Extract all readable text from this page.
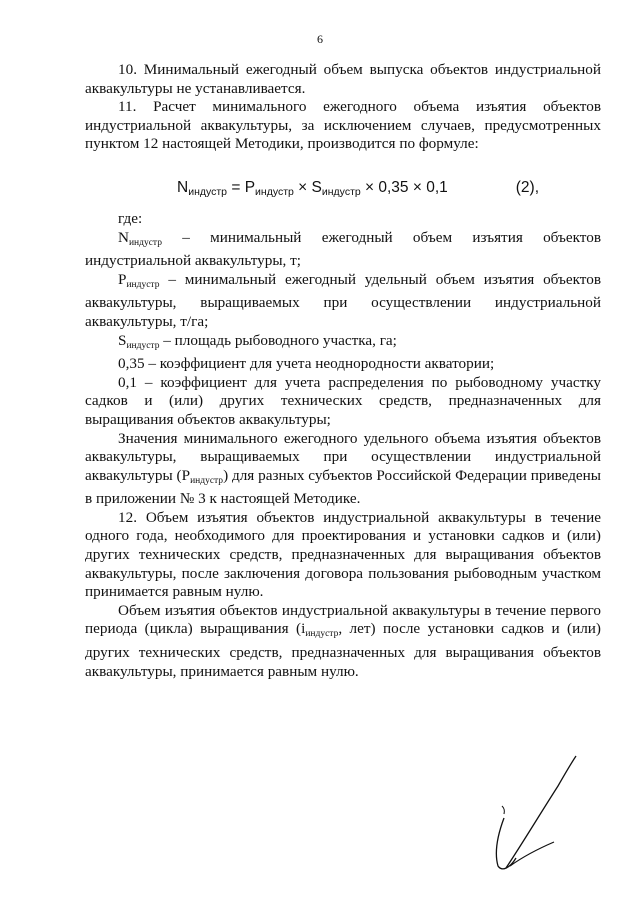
6

10. Минимальный ежегодный объем выпуска объектов индустриальной аквакультуры не устанавливается.

11. Расчет минимального ежегодного объема изъятия объектов индустриальной аквакультуры, за исключением случаев, предусмотренных пунктом 12 настоящей Методики, производится по формуле:

$N_{индустр} = P_{индустр} \times S_{индустр} \times 0,35 \times 0,1$	(2),

где:

Nиндустр – минимальный ежегодный объем изъятия объектов индустриальной аквакультуры, т;

Pиндустр – минимальный ежегодный удельный объем изъятия объектов аквакультуры, выращиваемых при осуществлении индустриальной аквакультуры, т/га;

Sиндустр – площадь рыбоводного участка, га;

0,35 – коэффициент для учета неоднородности акватории;

0,1 – коэффициент для учета распределения по рыбоводному участку садков и (или) других технических средств, предназначенных для выращивания объектов аквакультуры;

Значения минимального ежегодного удельного объема изъятия объектов аквакультуры, выращиваемых при осуществлении индустриальной аквакультуры (Pиндустр) для разных субъектов Российской Федерации приведены в приложении № 3 к настоящей Методике.

12. Объем изъятия объектов индустриальной аквакультуры в течение одного года, необходимого для проектирования и установки садков и (или) других технических средств, предназначенных для выращивания объектов аквакультуры, после заключения договора пользования рыбоводным участком принимается равным нулю.

Объем изъятия объектов индустриальной аквакультуры в течение первого периода (цикла) выращивания (iиндустр, лет) после установки садков и (или) других технических средств, предназначенных для выращивания объектов аквакультуры, принимается равным нулю.
